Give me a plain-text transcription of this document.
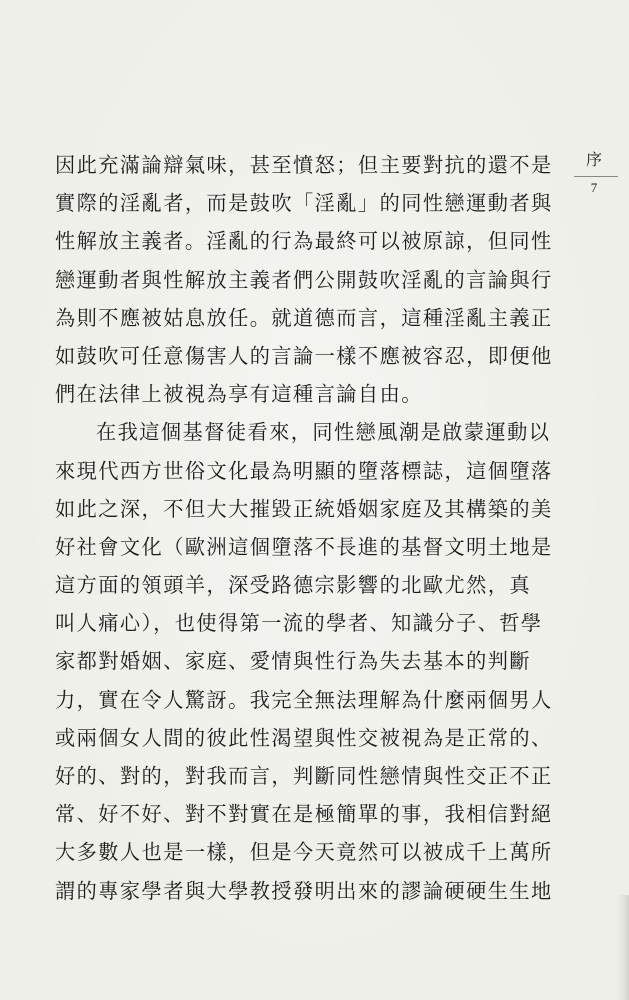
因此充滿論辯氣味，甚至憤怒；但主要對抗的還不是
實際的淫亂者，而是鼓吹「淫亂」的同性戀運動者與
性解放主義者。淫亂的行為最終可以被原諒，但同性
戀運動者與性解放主義者們公開鼓吹淫亂的言論與行
為則不應被姑息放任。就道德而言，這種淫亂主義正
如鼓吹可任意傷害人的言論一樣不應被容忍，即便他
們在法律上被視為享有這種言論自由。
在我這個基督徒看來，同性戀風潮是啟蒙運動以
來現代西方世俗文化最為明顯的墮落標誌，這個墮落
如此之深，不但大大摧毀正統婚姻家庭及其構築的美
好社會文化（歐洲這個墮落不長進的基督文明土地是
這方面的領頭羊，深受路德宗影響的北歐尤然，真
叫人痛心），也使得第一流的學者、知識分子、哲學
家都對婚姻、家庭、愛情與性行為失去基本的判斷
力，實在令人驚訝。我完全無法理解為什麼兩個男人
或兩個女人間的彼此性渴望與性交被視為是正常的、
好的、對的，對我而言，判斷同性戀情與性交正不正
常、好不好、對不對實在是極簡單的事，我相信對絕
大多數人也是一樣，但是今天竟然可以被成千上萬所
謂的專家學者與大學教授發明出來的謬論硬硬生生地
序
7
